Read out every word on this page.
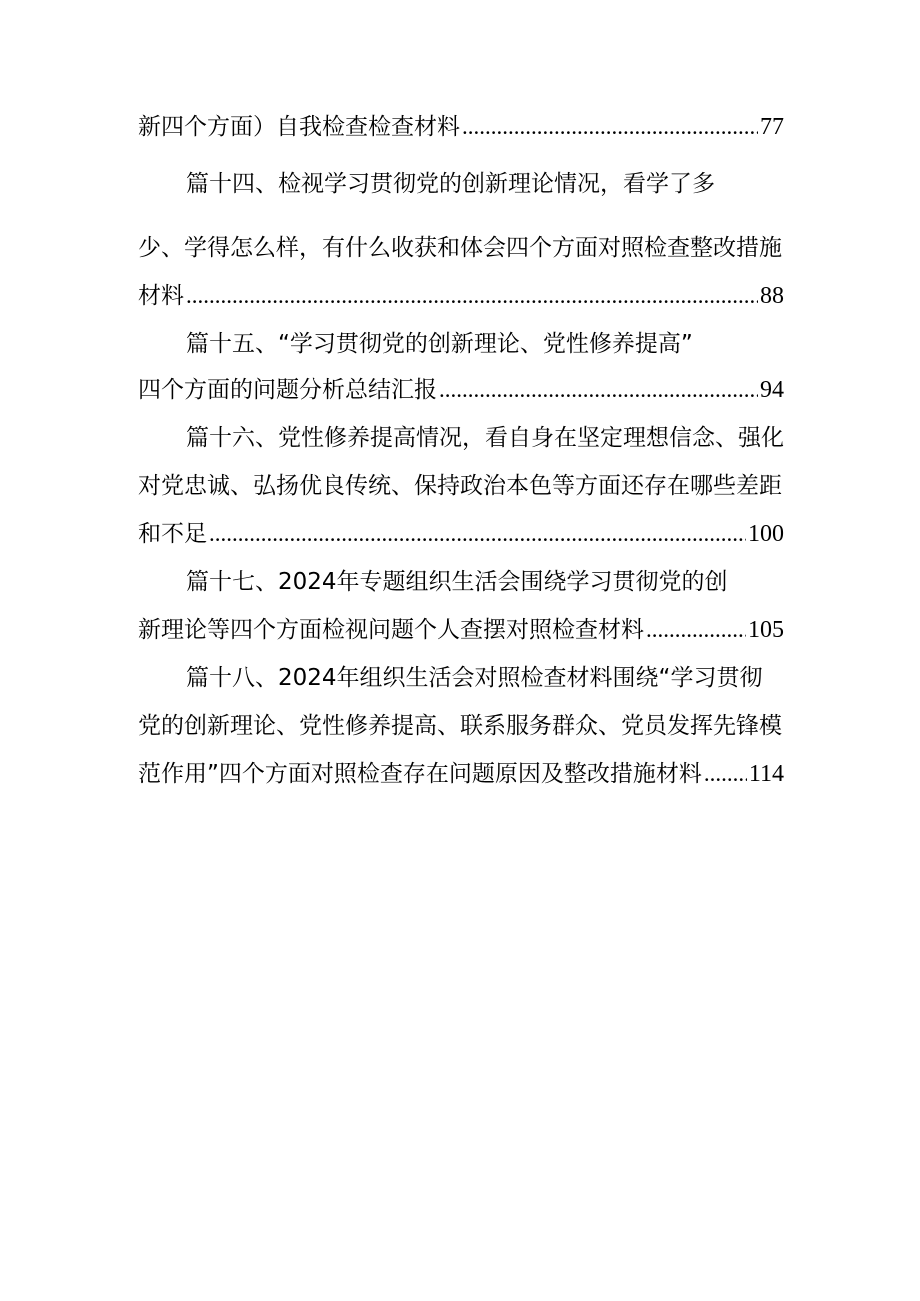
新四个方面）自我检查检查材料 .....	77
篇十四、检视学习贯彻党的创新理论情况，看学了多
少、学得怎么样，有什么收获和体会四个方面对照检查整改措施
材料 .....	88
篇十五、“学习贯彻党的创新理论、党性修养提高”
四个方面的问题分析总结汇报 .....	94
篇十六、党性修养提高情况，看自身在坚定理想信念、强化
对党忠诚、弘扬优良传统、保持政治本色等方面还存在哪些差距
和不足 .....	100
篇十七、2024年专题组织生活会围绕学习贯彻党的创
新理论等四个方面检视问题个人查摆对照检查材料 .....	105
篇十八、2024年组织生活会对照检查材料围绕“学习贯彻
党的创新理论、党性修养提高、联系服务群众、党员发挥先锋模
范作用”四个方面对照检查存在问题原因及整改措施材料 ..... 114
